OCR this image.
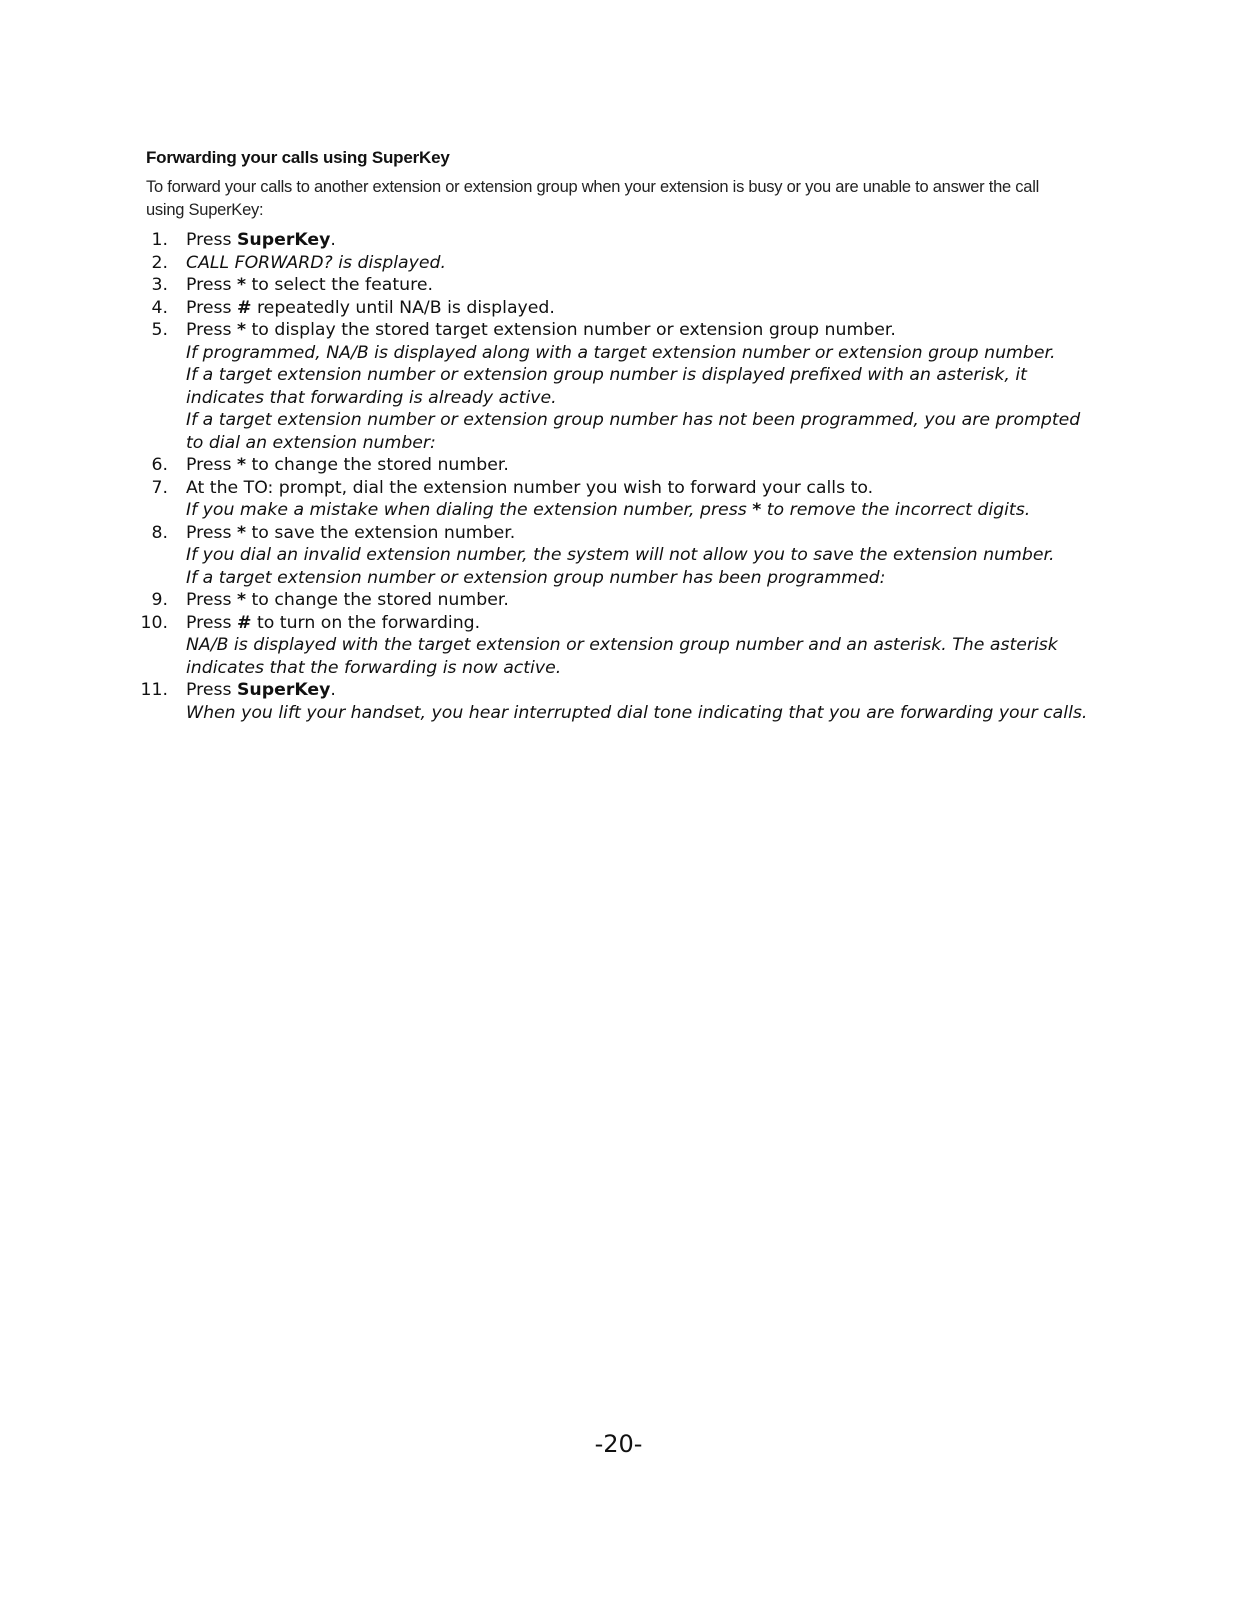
Forwarding your calls using SuperKey
To forward your calls to another extension or extension group when your extension is busy or you are unable to answer the call using SuperKey:
1. Press SuperKey.
2. CALL FORWARD? is displayed.
3. Press * to select the feature.
4. Press # repeatedly until NA/B is displayed.
5. Press * to display the stored target extension number or extension group number.
If programmed, NA/B is displayed along with a target extension number or extension group number.
If a target extension number or extension group number is displayed prefixed with an asterisk, it indicates that forwarding is already active.
If a target extension number or extension group number has not been programmed, you are prompted to dial an extension number:
6. Press * to change the stored number.
7. At the TO: prompt, dial the extension number you wish to forward your calls to.
If you make a mistake when dialing the extension number, press * to remove the incorrect digits.
8. Press * to save the extension number.
If you dial an invalid extension number, the system will not allow you to save the extension number.
If a target extension number or extension group number has been programmed:
9. Press * to change the stored number.
10. Press # to turn on the forwarding.
NA/B is displayed with the target extension or extension group number and an asterisk. The asterisk indicates that the forwarding is now active.
11. Press SuperKey.
When you lift your handset, you hear interrupted dial tone indicating that you are forwarding your calls.
-20-
